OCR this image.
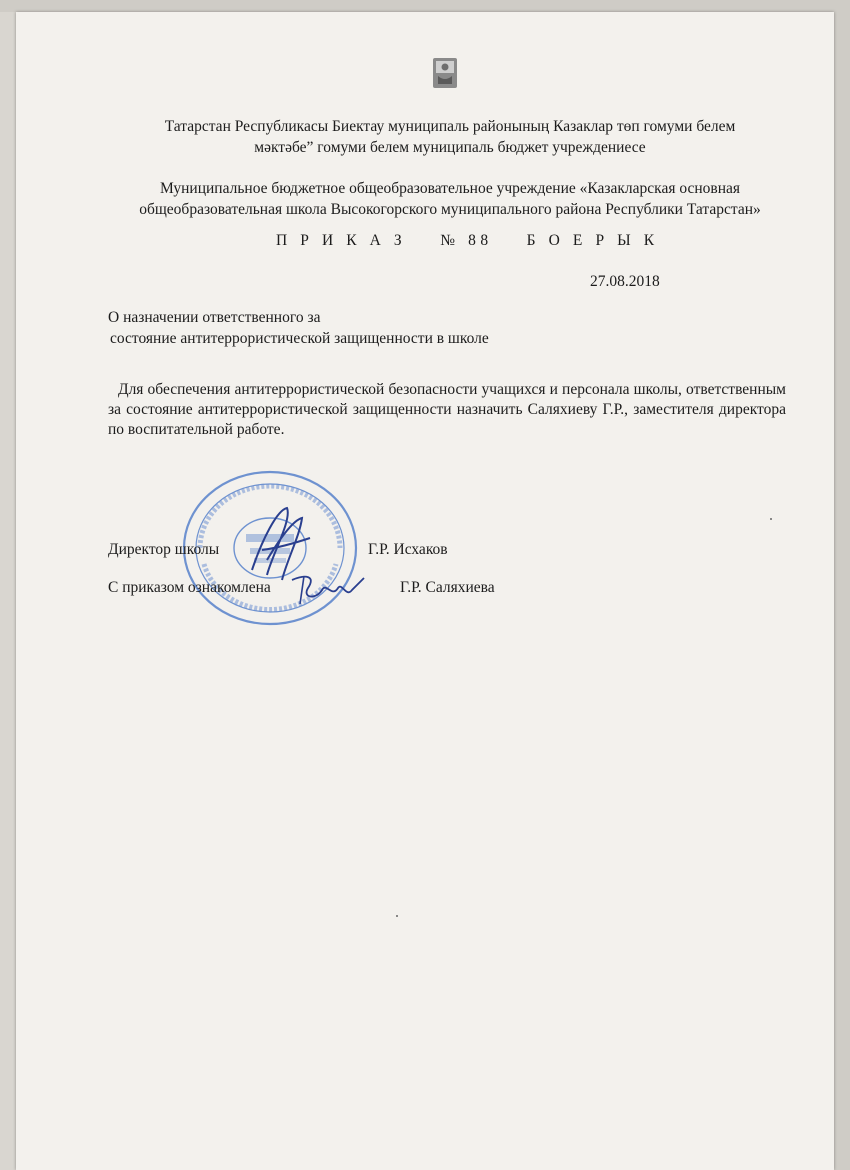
Татарстан Республикасы Биектау муниципаль районының Казаклар төп гомуми белем
мәктәбе” гомуми белем муниципаль бюджет учреждениесе
Муниципальное бюджетное общеобразовательное учреждение «Казакларская основная
общеобразовательная школа Высокогорского муниципального района Республики Татарстан»
П Р И К А З № 88 Б О Е Р Ы К
27.08.2018
О назначении ответственного за
состояние антитеррористической защищенности в школе
Для обеспечения антитеррористической безопасности учащихся и персонала школы, ответственным за состояние антитеррористической защищенности назначить Саляхиеву Г.Р., заместителя директора по воспитательной работе.
Директор школы	Г.Р. Исхаков
С приказом ознакомлена	Г.Р. Саляхиева
